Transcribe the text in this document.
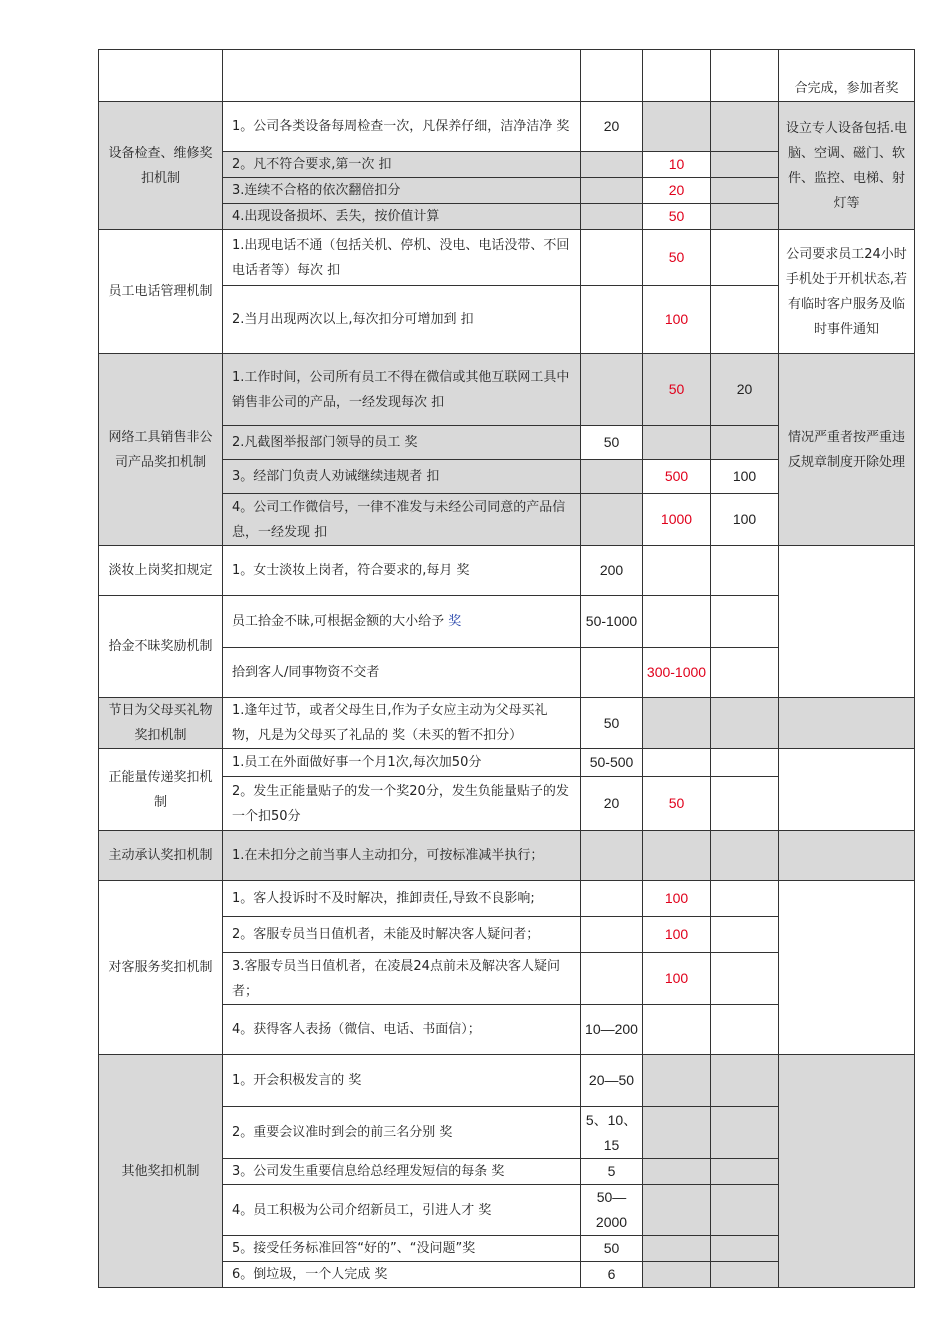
					合完成，参加者奖
设备检查、维修奖扣机制	1。公司各类设备每周检查一次，凡保养仔细，洁净洁净 奖	20			设立专人设备包括.电脑、空调、磁门、软件、监控、电梯、射灯等
	2。凡不符合要求,第一次 扣		10		
	3.连续不合格的依次翻倍扣分		20		
	4.出现设备损坏、丢失，按价值计算		50		
员工电话管理机制	1.出现电话不通（包括关机、停机、没电、电话没带、不回电话者等）每次 扣		50		公司要求员工24小时手机处于开机状态,若有临时客户服务及临时事件通知
	2.当月出现两次以上,每次扣分可增加到 扣		100		
网络工具销售非公司产品奖扣机制	1.工作时间，公司所有员工不得在微信或其他互联网工具中销售非公司的产品，一经发现每次 扣		50	20	情况严重者按严重违反规章制度开除处理
	2.凡截图举报部门领导的员工 奖	50			
	3。经部门负责人劝诫继续违规者 扣		500	100	
	4。公司工作微信号，一律不准发与未经公司同意的产品信息，一经发现 扣		1000	100	
淡妆上岗奖扣规定	1。女士淡妆上岗者，符合要求的,每月 奖	200			
拾金不昧奖励机制	员工拾金不昧,可根据金额的大小给予 奖	50-1000			
	拾到客人/同事物资不交者		300-1000		
节日为父母买礼物奖扣机制	1.逢年过节，或者父母生日,作为子女应主动为父母买礼物，凡是为父母买了礼品的 奖（未买的暂不扣分）	50			
正能量传递奖扣机制	1.员工在外面做好事一个月1次,每次加50分	50-500			
	2。发生正能量贴子的发一个奖20分，发生负能量贴子的发一个扣50分	20	50		
主动承认奖扣机制	1.在未扣分之前当事人主动扣分，可按标准减半执行；				
对客服务奖扣机制	1。客人投诉时不及时解决，推卸责任,导致不良影响;		100		
	2。客服专员当日值机者，未能及时解决客人疑问者；		100		
	3.客服专员当日值机者，在凌晨24点前未及解决客人疑问者；		100		
	4。获得客人表扬（微信、电话、书面信）；	10—200			
其他奖扣机制	1。开会积极发言的 奖	20—50			
	2。重要会议准时到会的前三名分别 奖	5、10、15			
	3。公司发生重要信息给总经理发短信的每条 奖	5			
	4。员工积极为公司介绍新员工，引进人才 奖	50—2000			
	5。接受任务标准回答“好的”、“没问题”奖	50			
	6。倒垃圾，一个人完成 奖	6			
